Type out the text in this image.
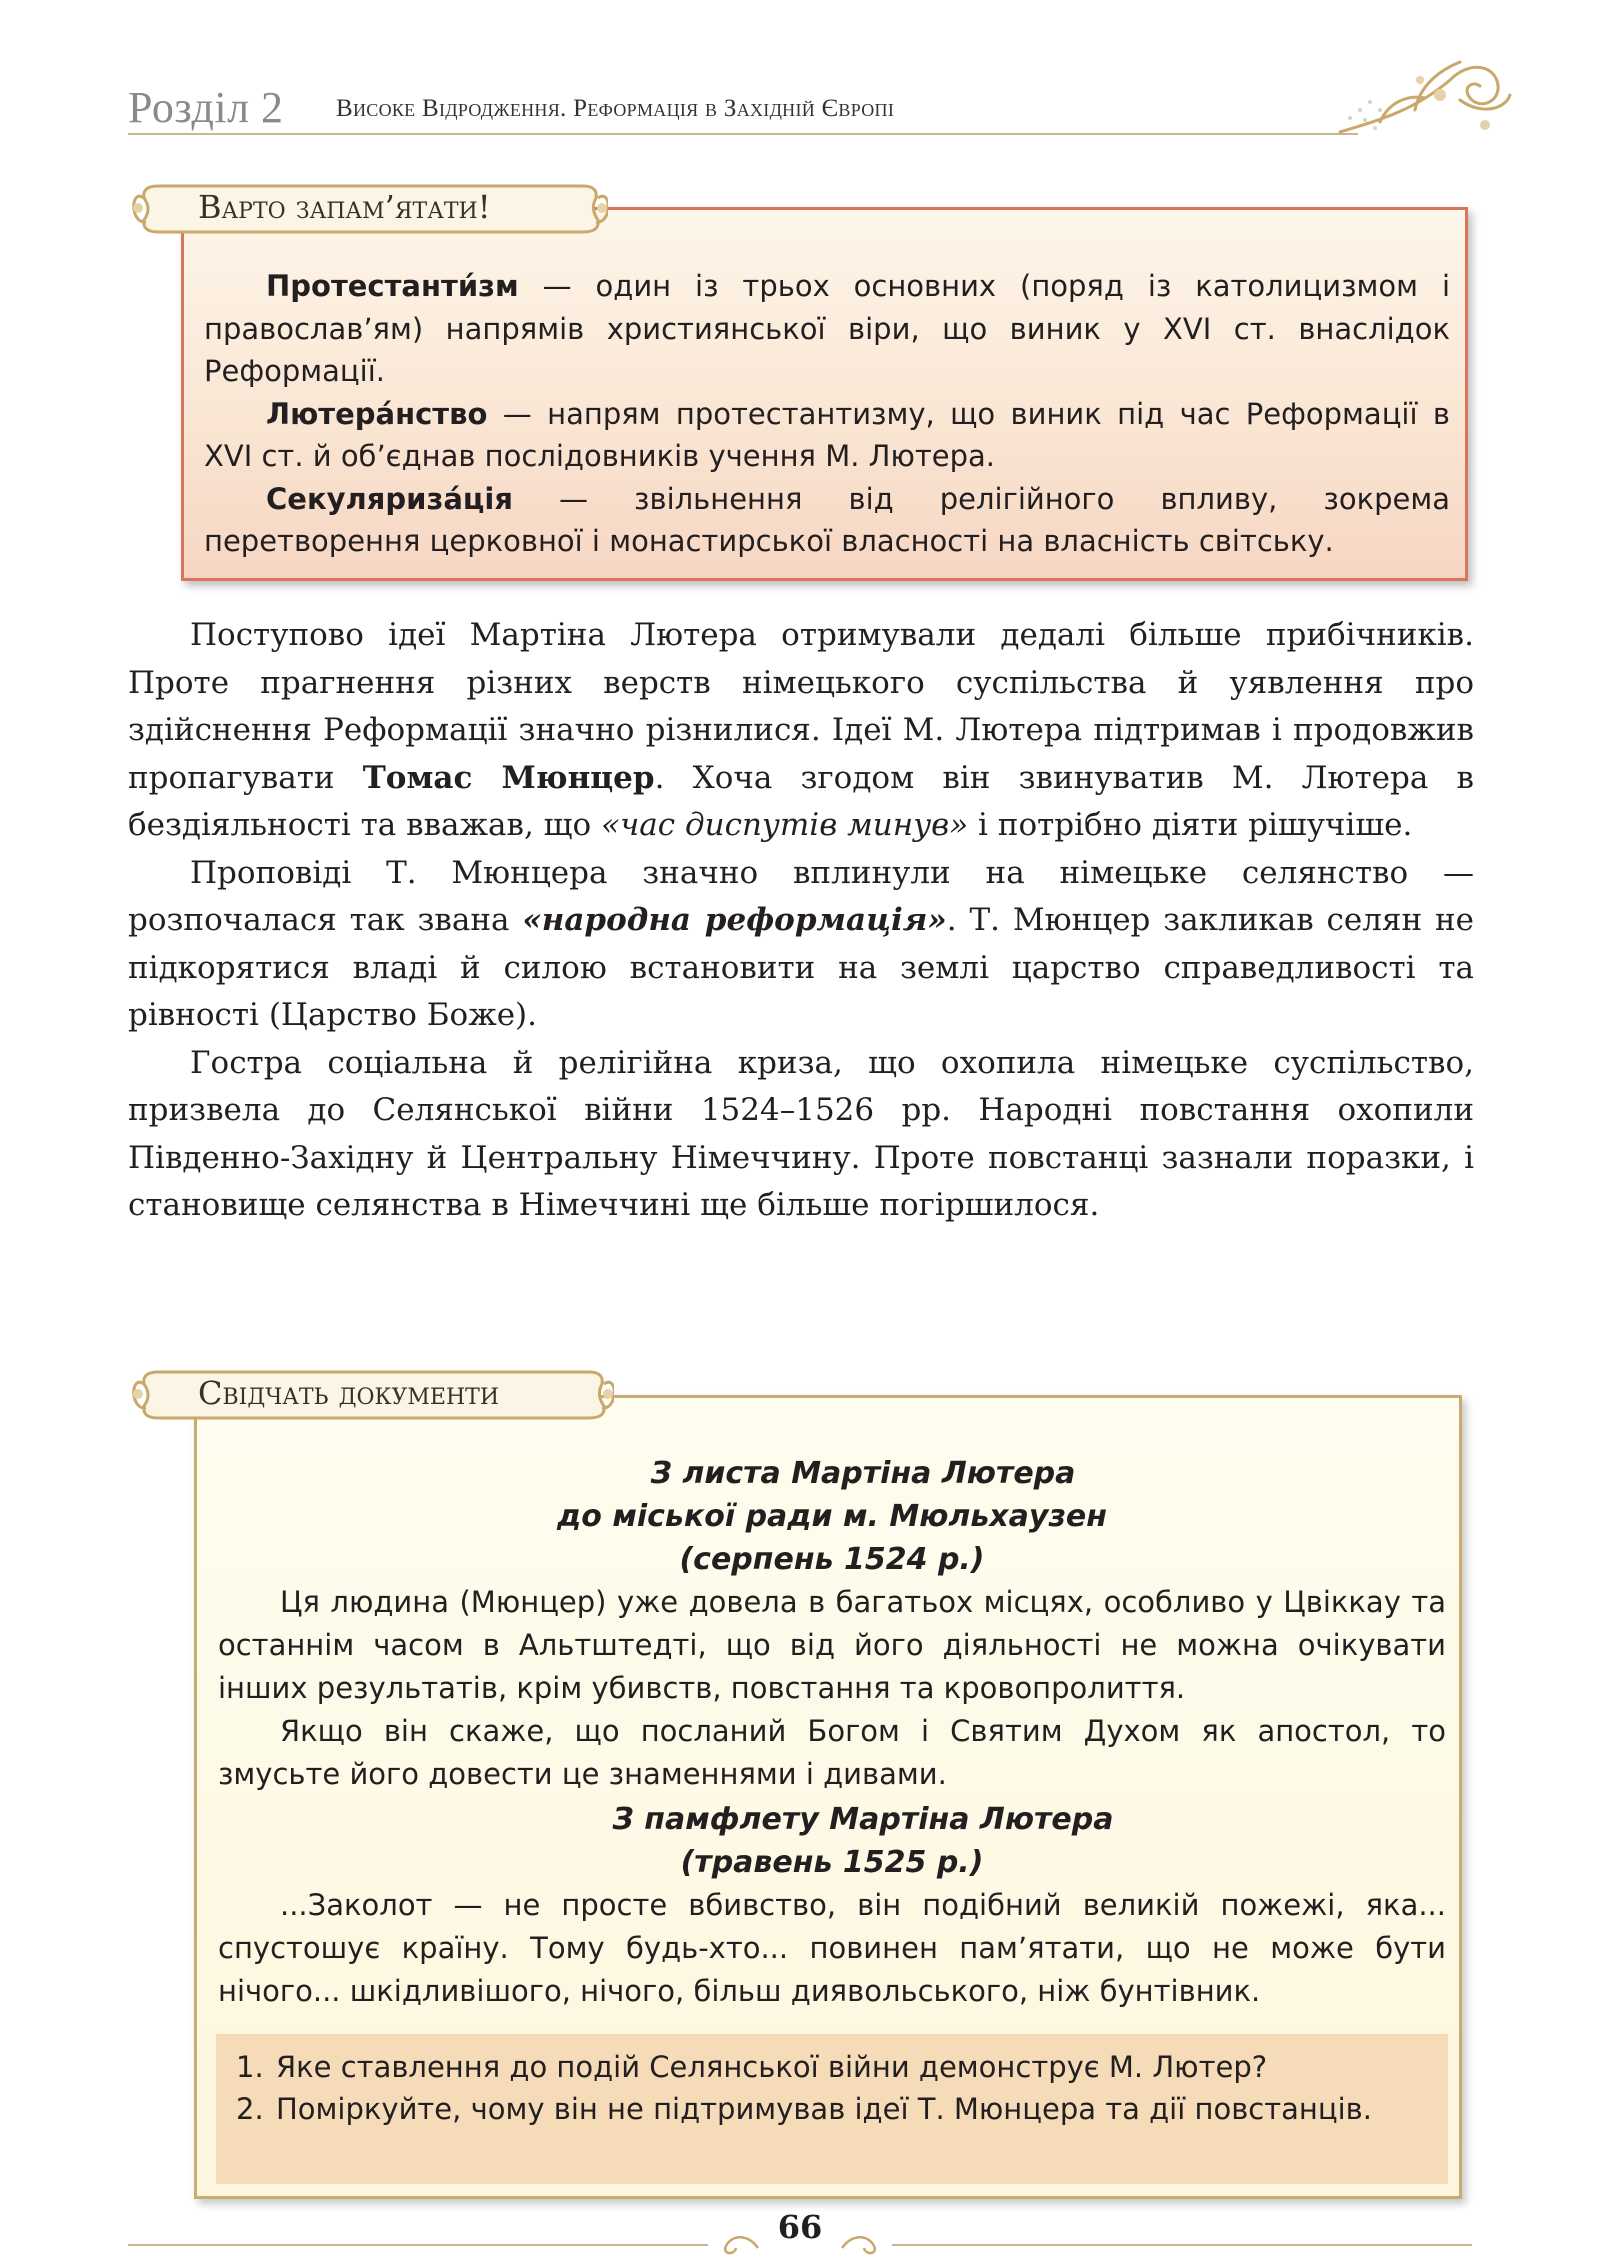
Розділ 2 Високе Відродження. Реформація в Західній Європі
Варто запам’ятати!

Протестанти́зм — один із трьох основних (поряд із католицизмом і православ’ям) напрямів християнської віри, що виник у XVI ст. внаслідок Реформації.

Лютера́нство — напрям протестантизму, що виник під час Реформації в XVI ст. й об’єднав послідовників учення М. Лютера.

Секуляриза́ція — звільнення від релігійного впливу, зокрема перетворення церковної і монастирської власності на власність світську.

Поступово ідеї Мартіна Лютера отримували дедалі більше прибічників. Проте прагнення різних верств німецького суспільства й уявлення про здійснення Реформації значно різнилися. Ідеї М. Лютера підтримав і продовжив пропагувати Томас Мюнцер. Хоча згодом він звинуватив М. Лютера в бездіяльності та вважав, що «час диспутів минув» і потрібно діяти рішучіше.

Проповіді Т. Мюнцера значно вплинули на німецьке селянство — розпочалася так звана «народна реформація». Т. Мюнцер закликав селян не підкорятися владі й силою встановити на землі царство справедливості та рівності (Царство Боже).

Гостра соціальна й релігійна криза, що охопила німецьке суспільство, призвела до Селянської війни 1524–1526 рр. Народні повстання охопили Південно-Західну й Центральну Німеччину. Проте повстанці зазнали поразки, і становище селянства в Німеччині ще більше погіршилося.

Свідчать документи

З листа Мартіна Лютера
до міської ради м. Мюльхаузен
(серпень 1524 р.)

Ця людина (Мюнцер) уже довела в багатьох місцях, особливо у Цвіккау та останнім часом в Альтштедті, що від його діяльності не можна очікувати інших результатів, крім убивств, повстання та кровопролиття.

Якщо він скаже, що посланий Богом і Святим Духом як апостол, то змусьте його довести це знаменнями і дивами.

З памфлету Мартіна Лютера
(травень 1525 р.)

...Заколот — не просте вбивство, він подібний великій пожежі, яка... спустошує країну. Тому будь-хто... повинен пам’ятати, що не може бути нічого... шкідливішого, нічого, більш диявольського, ніж бунтівник.

1. Яке ставлення до подій Селянської війни демонструє М. Лютер?
2. Поміркуйте, чому він не підтримував ідеї Т. Мюнцера та дії повстанців.
66
